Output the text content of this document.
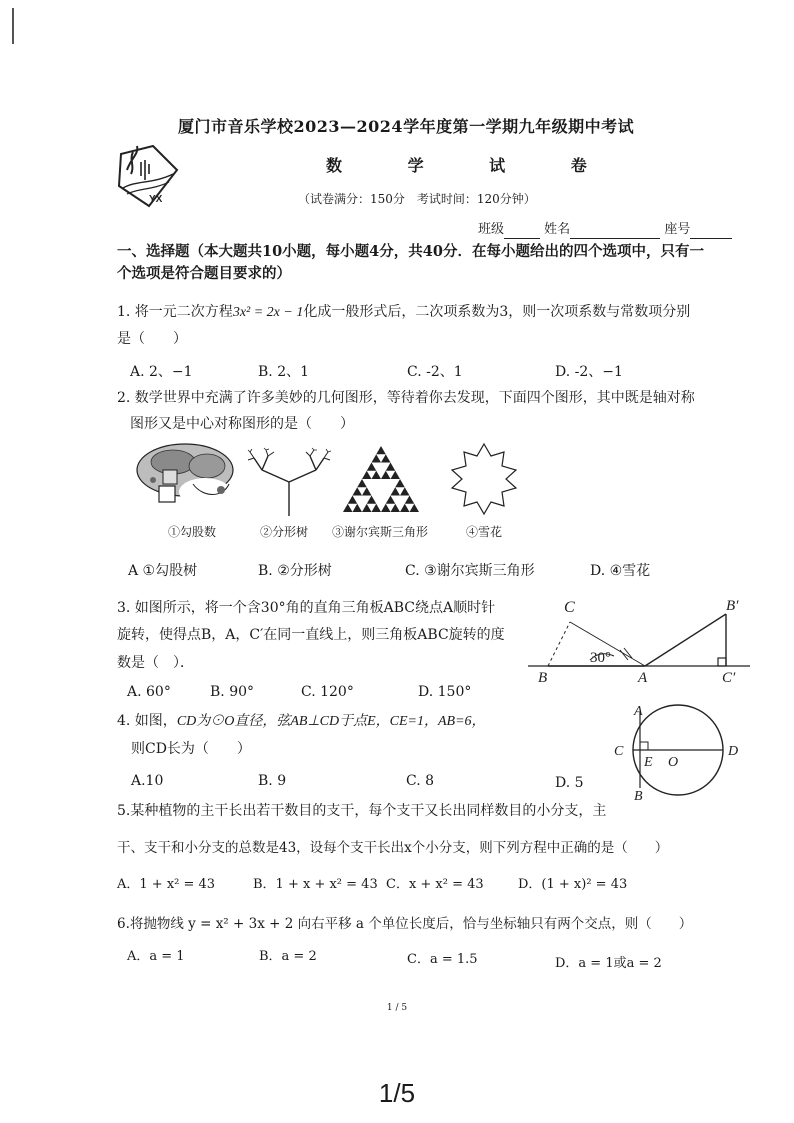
厦门市音乐学校2023—2024学年度第一学期九年级期中考试
YX
数 学 试 卷
（试卷满分：150分　考试时间：120分钟）
班级	姓名	座号
一、选择题（本大题共10小题，每小题4分，共40分．在每小题给出的四个选项中，只有一
个选项是符合题目要求的）
1. 将一元二次方程3x² = 2x − 1化成一般形式后，二次项系数为3，则一次项系数与常数项分别
是（　　）
A. 2、−1	B. 2、1	C. -2、1	D. -2、−1
2. 数学世界中充满了许多美妙的几何图形，等待着你去发现，下面四个图形，其中既是轴对称
图形又是中心对称图形的是（　　）
①勾股数	②分形树 ③谢尔宾斯三角形	④雪花
A ①勾股树	B. ②分形树	C. ③谢尔宾斯三角形	D. ④雪花
3. 如图所示，将一个含30°角的直角三角板ABC绕点A顺时针
旋转，使得点B，A，C′在同一直线上，则三角板ABC旋转的度
数是（　）．
C	B′
30°
B	A	C′
A. 60°	B. 90°	C. 120°	D. 150°
4. 如图，CD为⊙O直径，弦AB⊥CD于点E，CE=1，AB=6，
则CD长为（　　）
A
B
C	D
E O
A.10	B. 9	C. 8	D. 5
5.某种植物的主干长出若干数目的支干，每个支干又长出同样数目的小分支，主
干、支干和小分支的总数是43，设每个支干长出x个小分支，则下列方程中正确的是（　　）
A．1 + x² = 43	B．1 + x + x² = 43 C．x + x² = 43	D．(1 + x)² = 43
6.将抛物线 y = x² + 3x + 2 向右平移 a 个单位长度后，恰与坐标轴只有两个交点，则（　　）
A．a = 1	B．a = 2	C．a = 1.5	D．a = 1或a = 2
1 / 5
1/5
